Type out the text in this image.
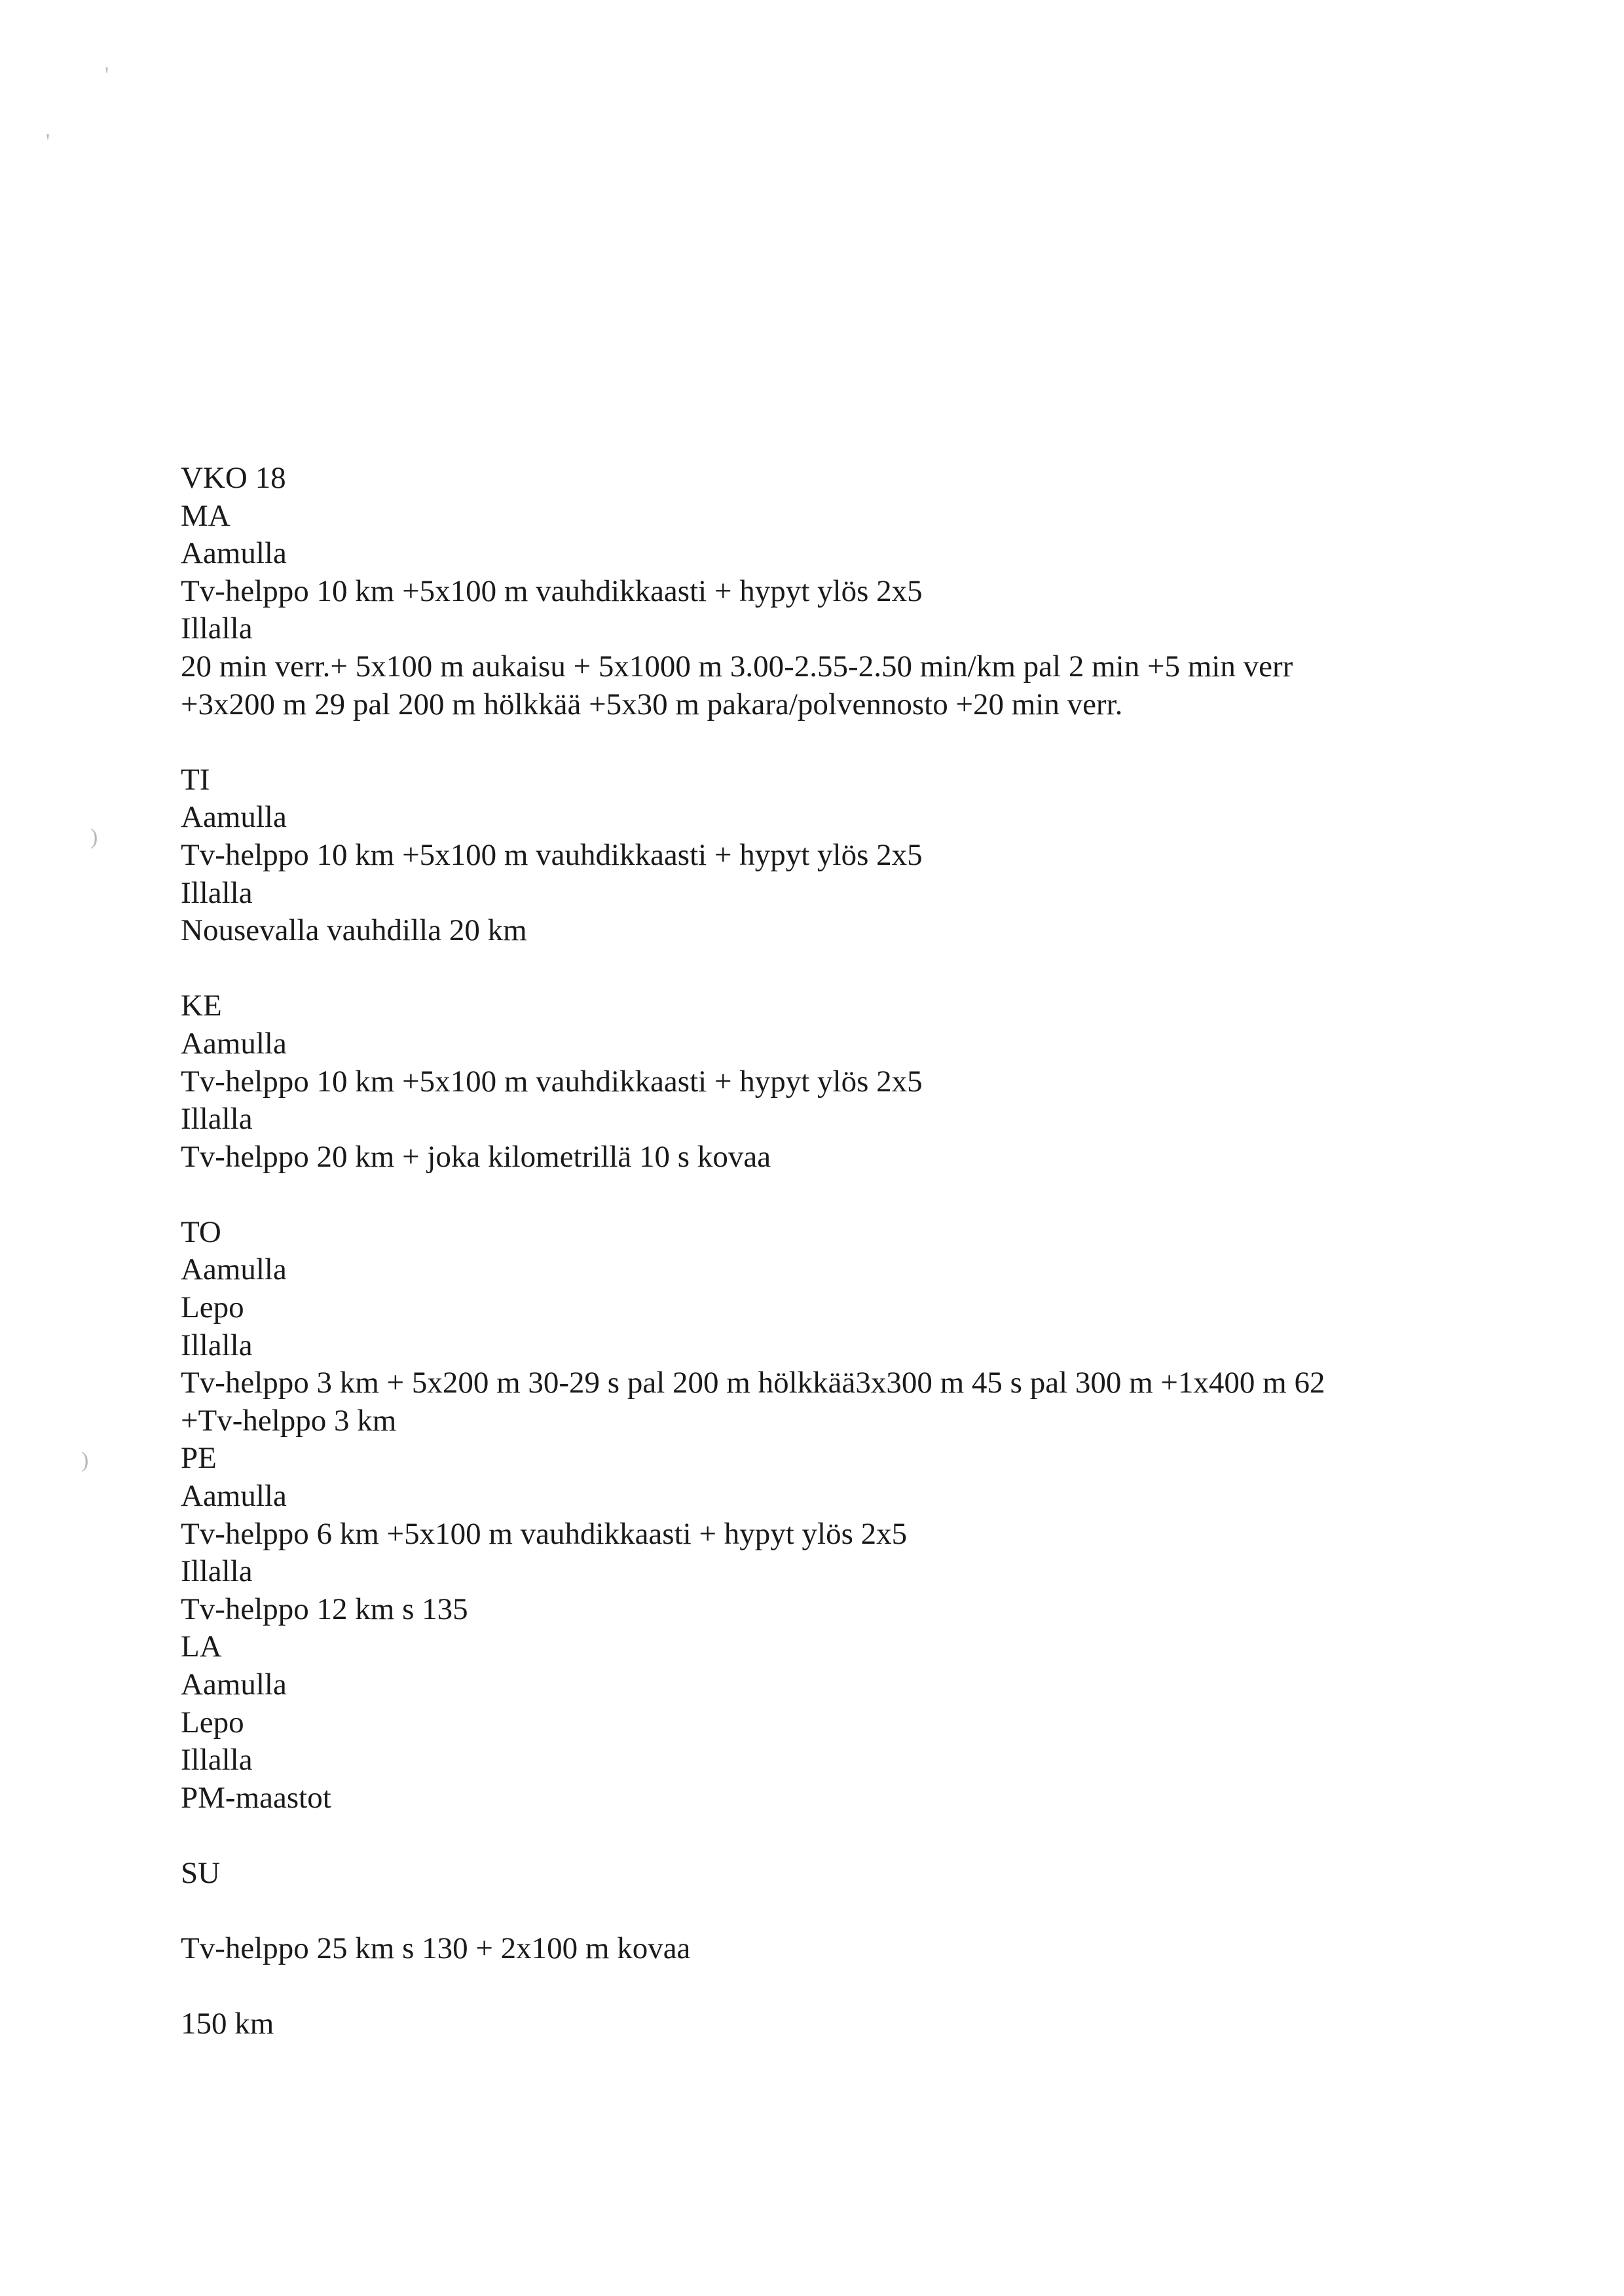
'
'
)
)
VKO 18
MA
Aamulla
Tv-helppo 10 km +5x100 m vauhdikkaasti + hypyt ylös 2x5
Illalla
20 min verr.+ 5x100 m aukaisu + 5x1000 m 3.00-2.55-2.50 min/km pal 2 min +5 min verr
+3x200 m 29 pal 200 m hölkkää +5x30 m pakara/polvennosto +20 min verr.
TI
Aamulla
Tv-helppo 10 km +5x100 m vauhdikkaasti + hypyt ylös 2x5
Illalla
Nousevalla vauhdilla 20 km
KE
Aamulla
Tv-helppo 10 km +5x100 m vauhdikkaasti + hypyt ylös 2x5
Illalla
Tv-helppo 20 km + joka kilometrillä 10 s kovaa
TO
Aamulla
Lepo
Illalla
Tv-helppo 3 km + 5x200 m 30-29 s pal 200 m hölkkää3x300 m 45 s pal 300 m +1x400 m 62
+Tv-helppo 3 km
PE
Aamulla
Tv-helppo 6 km +5x100 m vauhdikkaasti + hypyt ylös 2x5
Illalla
Tv-helppo 12 km s 135
LA
Aamulla
Lepo
Illalla
PM-maastot
SU
Tv-helppo 25 km s 130 + 2x100 m kovaa
150 km
